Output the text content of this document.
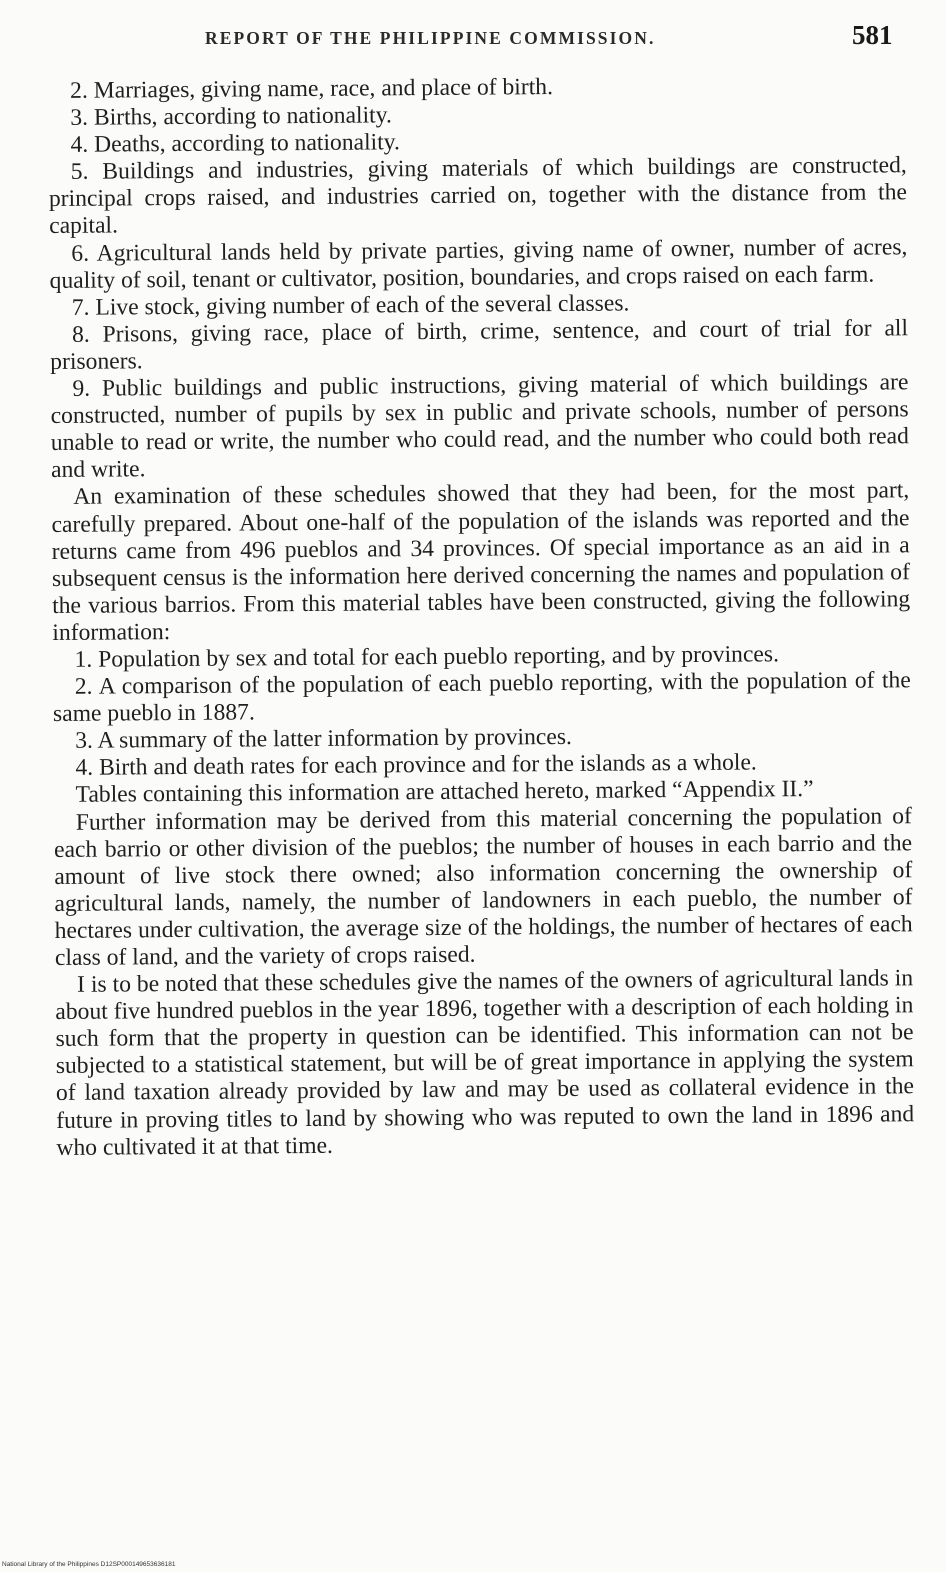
REPORT OF THE PHILIPPINE COMMISSION.	581

2. Marriages, giving name, race, and place of birth.

3. Births, according to nationality.

4. Deaths, according to nationality.

5. Buildings and industries, giving materials of which buildings are constructed, principal crops raised, and industries carried on, together with the distance from the capital.

6. Agricultural lands held by private parties, giving name of owner, number of acres, quality of soil, tenant or cultivator, position, boundaries, and crops raised on each farm.

7. Live stock, giving number of each of the several classes.

8. Prisons, giving race, place of birth, crime, sentence, and court of trial for all prisoners.

9. Public buildings and public instructions, giving material of which buildings are constructed, number of pupils by sex in public and private schools, number of persons unable to read or write, the number who could read, and the number who could both read and write.

An examination of these schedules showed that they had been, for the most part, carefully prepared. About one-half of the population of the islands was reported and the returns came from 496 pueblos and 34 provinces. Of special importance as an aid in a subsequent census is the information here derived concerning the names and population of the various barrios. From this material tables have been constructed, giving the following information:

1. Population by sex and total for each pueblo reporting, and by provinces.

2. A comparison of the population of each pueblo reporting, with the population of the same pueblo in 1887.

3. A summary of the latter information by provinces.

4. Birth and death rates for each province and for the islands as a whole.

Tables containing this information are attached hereto, marked “Appendix II.”

Further information may be derived from this material concerning the population of each barrio or other division of the pueblos; the number of houses in each barrio and the amount of live stock there owned; also information concerning the ownership of agricultural lands, namely, the number of landowners in each pueblo, the number of hectares under cultivation, the average size of the holdings, the number of hectares of each class of land, and the variety of crops raised.

I is to be noted that these schedules give the names of the owners of agricultural lands in about five hundred pueblos in the year 1896, together with a description of each holding in such form that the property in question can be identified. This information can not be subjected to a statistical statement, but will be of great importance in applying the system of land taxation already provided by law and may be used as collateral evidence in the future in proving titles to land by showing who was reputed to own the land in 1896 and who cultivated it at that time.

National Library of the Philippines D12SP000149653636181
